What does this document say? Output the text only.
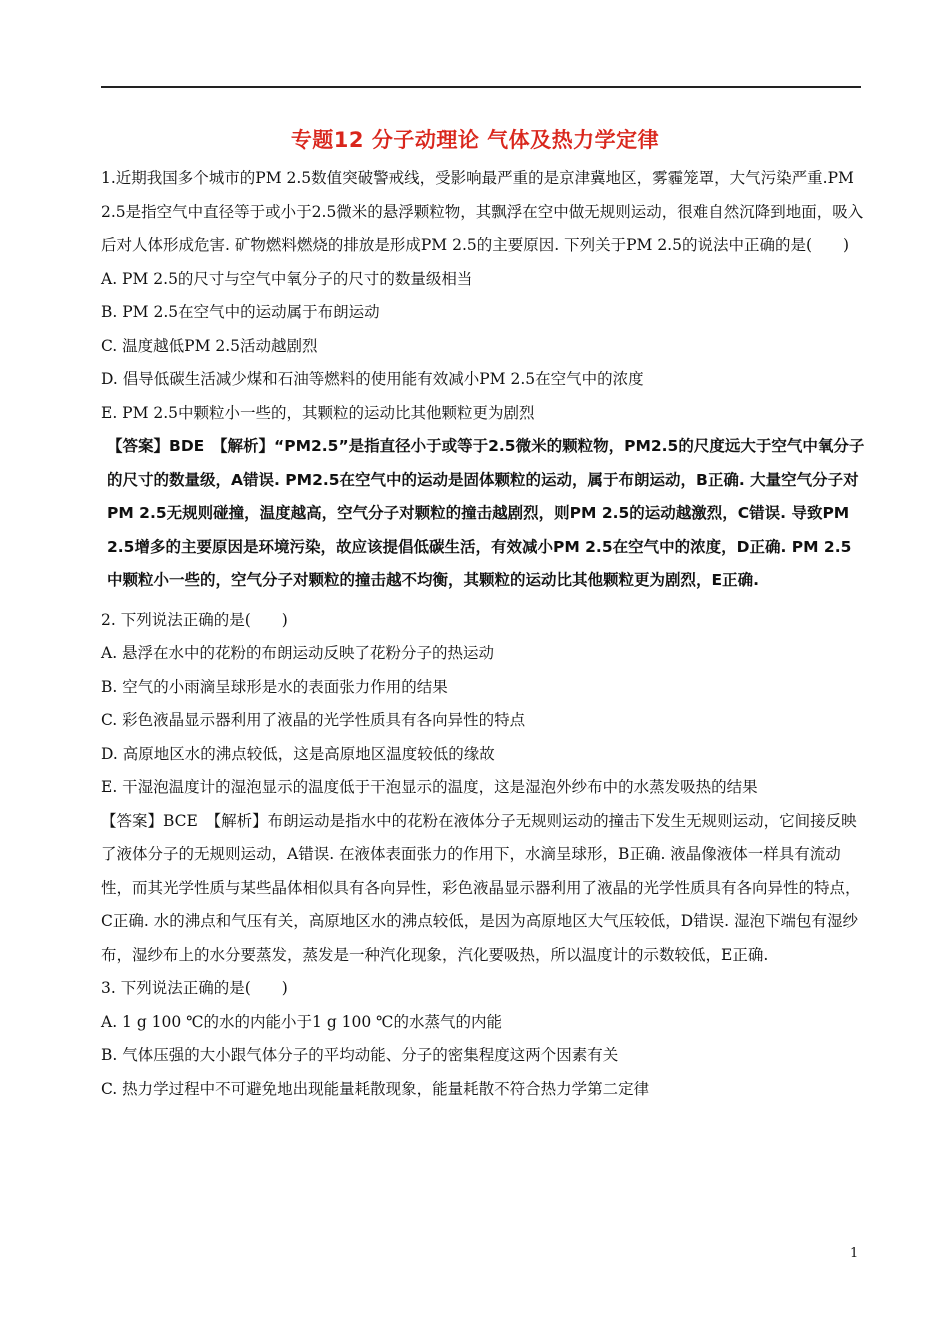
专题12 分子动理论 气体及热力学定律

1.近期我国多个城市的PM 2.5数值突破警戒线，受影响最严重的是京津冀地区，雾霾笼罩，大气污染严重.PM 2.5是指空气中直径等于或小于2.5微米的悬浮颗粒物，其飘浮在空中做无规则运动，很难自然沉降到地面，吸入后对人体形成危害. 矿物燃料燃烧的排放是形成PM 2.5的主要原因. 下列关于PM 2.5的说法中正确的是(　　)

A. PM 2.5的尺寸与空气中氧分子的尺寸的数量级相当

B. PM 2.5在空气中的运动属于布朗运动

C. 温度越低PM 2.5活动越剧烈

D. 倡导低碳生活减少煤和石油等燃料的使用能有效减小PM 2.5在空气中的浓度

E. PM 2.5中颗粒小一些的，其颗粒的运动比其他颗粒更为剧烈

【答案】BDE　【解析】“PM2.5”是指直径小于或等于2.5微米的颗粒物，PM2.5的尺度远大于空气中氧分子的尺寸的数量级，A错误. PM2.5在空气中的运动是固体颗粒的运动，属于布朗运动，B正确. 大量空气分子对PM 2.5无规则碰撞，温度越高，空气分子对颗粒的撞击越剧烈，则PM 2.5的运动越激烈，C错误. 导致PM 2.5增多的主要原因是环境污染，故应该提倡低碳生活，有效减小PM 2.5在空气中的浓度，D正确. PM 2.5中颗粒小一些的，空气分子对颗粒的撞击越不均衡，其颗粒的运动比其他颗粒更为剧烈，E正确.

2. 下列说法正确的是(　　)

A. 悬浮在水中的花粉的布朗运动反映了花粉分子的热运动

B. 空气的小雨滴呈球形是水的表面张力作用的结果

C. 彩色液晶显示器利用了液晶的光学性质具有各向异性的特点

D. 高原地区水的沸点较低，这是高原地区温度较低的缘故

E. 干湿泡温度计的湿泡显示的温度低于干泡显示的温度，这是湿泡外纱布中的水蒸发吸热的结果

【答案】BCE　【解析】布朗运动是指水中的花粉在液体分子无规则运动的撞击下发生无规则运动，它间接反映了液体分子的无规则运动，A错误. 在液体表面张力的作用下，水滴呈球形，B正确. 液晶像液体一样具有流动性，而其光学性质与某些晶体相似具有各向异性，彩色液晶显示器利用了液晶的光学性质具有各向异性的特点，C正确. 水的沸点和气压有关，高原地区水的沸点较低，是因为高原地区大气压较低，D错误. 湿泡下端包有湿纱布，湿纱布上的水分要蒸发，蒸发是一种汽化现象，汽化要吸热，所以温度计的示数较低，E正确.

3. 下列说法正确的是(　　)

A. 1 g 100 ℃的水的内能小于1 g 100 ℃的水蒸气的内能

B. 气体压强的大小跟气体分子的平均动能、分子的密集程度这两个因素有关

C. 热力学过程中不可避免地出现能量耗散现象，能量耗散不符合热力学第二定律

1
